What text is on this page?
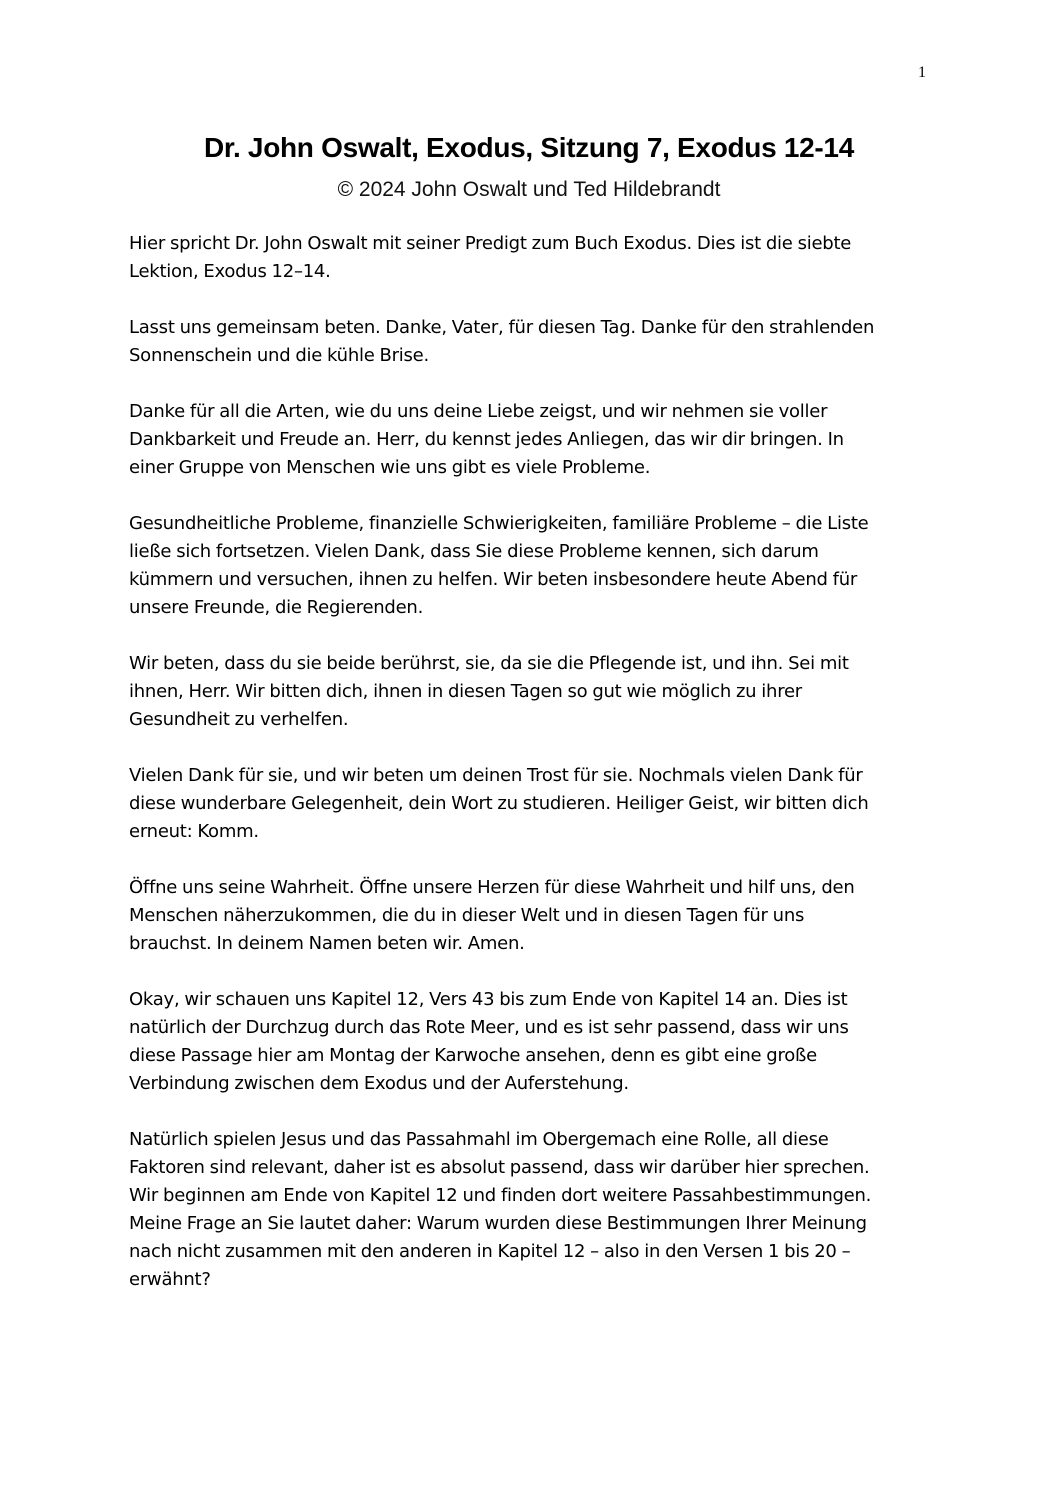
1
Dr. John Oswalt, Exodus, Sitzung 7, Exodus 12-14
© 2024 John Oswalt und Ted Hildebrandt

Hier spricht Dr. John Oswalt mit seiner Predigt zum Buch Exodus. Dies ist die siebte
Lektion, Exodus 12–14.

Lasst uns gemeinsam beten. Danke, Vater, für diesen Tag. Danke für den strahlenden
Sonnenschein und die kühle Brise.

Danke für all die Arten, wie du uns deine Liebe zeigst, und wir nehmen sie voller
Dankbarkeit und Freude an. Herr, du kennst jedes Anliegen, das wir dir bringen. In
einer Gruppe von Menschen wie uns gibt es viele Probleme.

Gesundheitliche Probleme, finanzielle Schwierigkeiten, familiäre Probleme – die Liste
ließe sich fortsetzen. Vielen Dank, dass Sie diese Probleme kennen, sich darum
kümmern und versuchen, ihnen zu helfen. Wir beten insbesondere heute Abend für
unsere Freunde, die Regierenden.

Wir beten, dass du sie beide berührst, sie, da sie die Pflegende ist, und ihn. Sei mit
ihnen, Herr. Wir bitten dich, ihnen in diesen Tagen so gut wie möglich zu ihrer
Gesundheit zu verhelfen.

Vielen Dank für sie, und wir beten um deinen Trost für sie. Nochmals vielen Dank für
diese wunderbare Gelegenheit, dein Wort zu studieren. Heiliger Geist, wir bitten dich
erneut: Komm.

Öffne uns seine Wahrheit. Öffne unsere Herzen für diese Wahrheit und hilf uns, den
Menschen näherzukommen, die du in dieser Welt und in diesen Tagen für uns
brauchst. In deinem Namen beten wir. Amen.

Okay, wir schauen uns Kapitel 12, Vers 43 bis zum Ende von Kapitel 14 an. Dies ist
natürlich der Durchzug durch das Rote Meer, und es ist sehr passend, dass wir uns
diese Passage hier am Montag der Karwoche ansehen, denn es gibt eine große
Verbindung zwischen dem Exodus und der Auferstehung.

Natürlich spielen Jesus und das Passahmahl im Obergemach eine Rolle, all diese
Faktoren sind relevant, daher ist es absolut passend, dass wir darüber hier sprechen.
Wir beginnen am Ende von Kapitel 12 und finden dort weitere Passahbestimmungen.
Meine Frage an Sie lautet daher: Warum wurden diese Bestimmungen Ihrer Meinung
nach nicht zusammen mit den anderen in Kapitel 12 – also in den Versen 1 bis 20 –
erwähnt?
